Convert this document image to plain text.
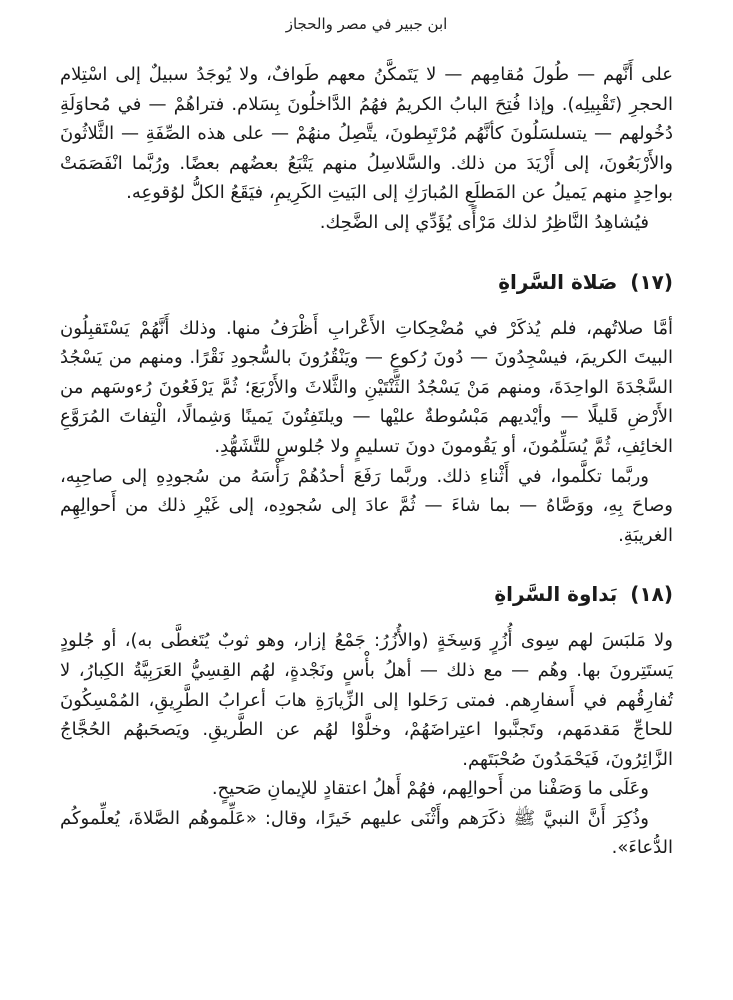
ابن جبير في مصر والحجاز

على أَنَّهم — طُولَ مُقامِهم — لا يَتَمكَّنُ معهم طَوافٌ، ولا يُوجَدُ سبيلٌ إلى اسْتِلام الحجرِ (تَقْبِيلِه). وإذا فُتِحَ البابُ الكريمُ فهُمُ الدَّاخلُونَ بِسَلام. فتراهُمْ — في مُحاوَلَةِ دُخُولهم — يتسلسَلُونَ كأنَّهُم مُرْتَبِطونَ، يتَّصِلُ منهُمْ — على هذه الصِّفَةِ — الثَّلاثُونَ والأَرْبَعُونَ، إلى أَزْيَدَ من ذلك. والسَّلاسِلُ منهم يَتْبَعُ بعضُهم بعضًا. ورُبَّما انْفَصَمَتْ بواحِدٍ منهم يَميلُ عن المَطلَعِ المُبارَكِ إلى البَيتِ الكَرِيمِ، فيَقَعُ الكلُّ لوُقوعِه.

فيُشاهِدُ النَّاظِرُ لذلك مَرْأًى يُؤَدِّي إلى الضَّحِك.

(١٧) صَلاة السَّراةِ

أمَّا صلاتُهم، فلم يُذكَرْ في مُضْحِكاتِ الأَعْرابِ أَظْرَفُ منها. وذلك أَنَّهُمْ يَسْتَقبِلُون البيتَ الكريمَ، فيسْجِدُونَ — دُونَ رُكوعٍ — ويَنْقُرُونَ بالسُّجودِ نَقْرًا. ومنهم من يَسْجُدُ السَّجْدَةَ الواحِدَةَ، ومنهم مَنْ يَسْجُدُ الثِّنْتَيْنِ والثَّلاثَ والأَرْبَعَ؛ ثُمَّ يَرْفَعُونَ رُءوسَهم من الأَرْضِ قَليلًا — وأيْديهم مَبْسُوطةٌ عليْها — ويلتَفِتُونَ يَمينًا وَشِمالًا، الْتِفاتَ المُرَوَّعِ الخائِفِ، ثُمَّ يُسَلِّمُونَ، أو يَقُومونَ دونَ تسليمٍ ولا جُلوسٍ للتَّشَهُّدِ.

وربَّما تكلَّموا، في أَثْناءِ ذلك. وربَّما رَفَعَ أحدُهُمْ رَأْسَهُ من سُجودِهِ إلى صاحِبِه، وصاحَ بِهِ، ووَصَّاهُ — بما شاءَ — ثُمَّ عادَ إلى سُجودِه، إلى غَيْرِ ذلك من أَحوالِهِم الغريبَةِ.

(١٨) بَداوة السَّراةِ

ولا مَلبَسَ لهم سِوى أُزُرٍ وَسِخَةٍ (والأُزُرُ: جَمْعُ إزار، وهو ثوبٌ يُتَغطَّى به)، أو جُلودٍ يَستَتِرونَ بها. وهُم — مع ذلك — أهلُ بأْسٍ ونَجْدةٍ، لهُم القِسِيُّ العَرَبِيَّةُ الكِبارُ، لا تُفارِقُهم في أَسفارِهم. فمتى رَحَلوا إلى الزِّيارَةِ هابَ أعرابُ الطَّرِيقِ، المُمْسِكُونَ للحاجِّ مَقدمَهم، وتَجنَّبوا اعتِراضَهُمْ، وخلَّوْا لهُم عن الطَّريقِ. ويَصحَبهُم الحُجَّاجُ الزَّائِرُونَ، فَيَحْمَدُونَ صُحْبَتَهم.

وعَلَى ما وَصَفْنا من أَحوالِهم، فهُمْ أَهلُ اعتقادٍ للإيمانِ صَحيحٍ.

وذُكِرَ أَنَّ النبيَّ ﷺ ذكَرَهم وأَثْنَى عليهم خَيرًا، وقال: «عَلِّموهُم الصَّلاةَ، يُعلِّموكُم الدُّعاءَ».
